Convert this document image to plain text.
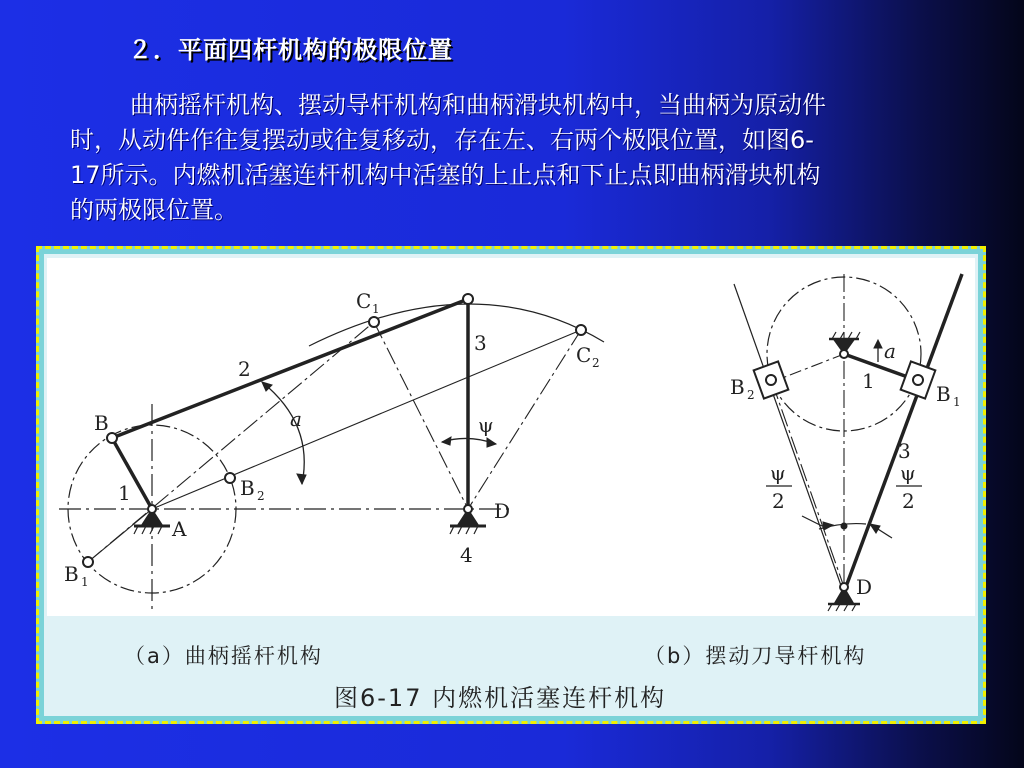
２．平面四杆机构的极限位置
曲柄摇杆机构、摆动导杆机构和曲柄滑块机构中，当曲柄为原动件
时，从动件作往复摆动或往复移动，存在左、右两个极限位置，如图6-
17所示。内燃机活塞连杆机构中活塞的上止点和下止点即曲柄滑块机构
的两极限位置。
B
B 1
B 2
A
C 1
C 2
D
1
2
3
4
a	ψ
B 2	B 1
1
3
a
D
ψ
2
ψ
2
（a）曲柄摇杆机构	（b）摆动刀导杆机构
图6-17 内燃机活塞连杆机构
